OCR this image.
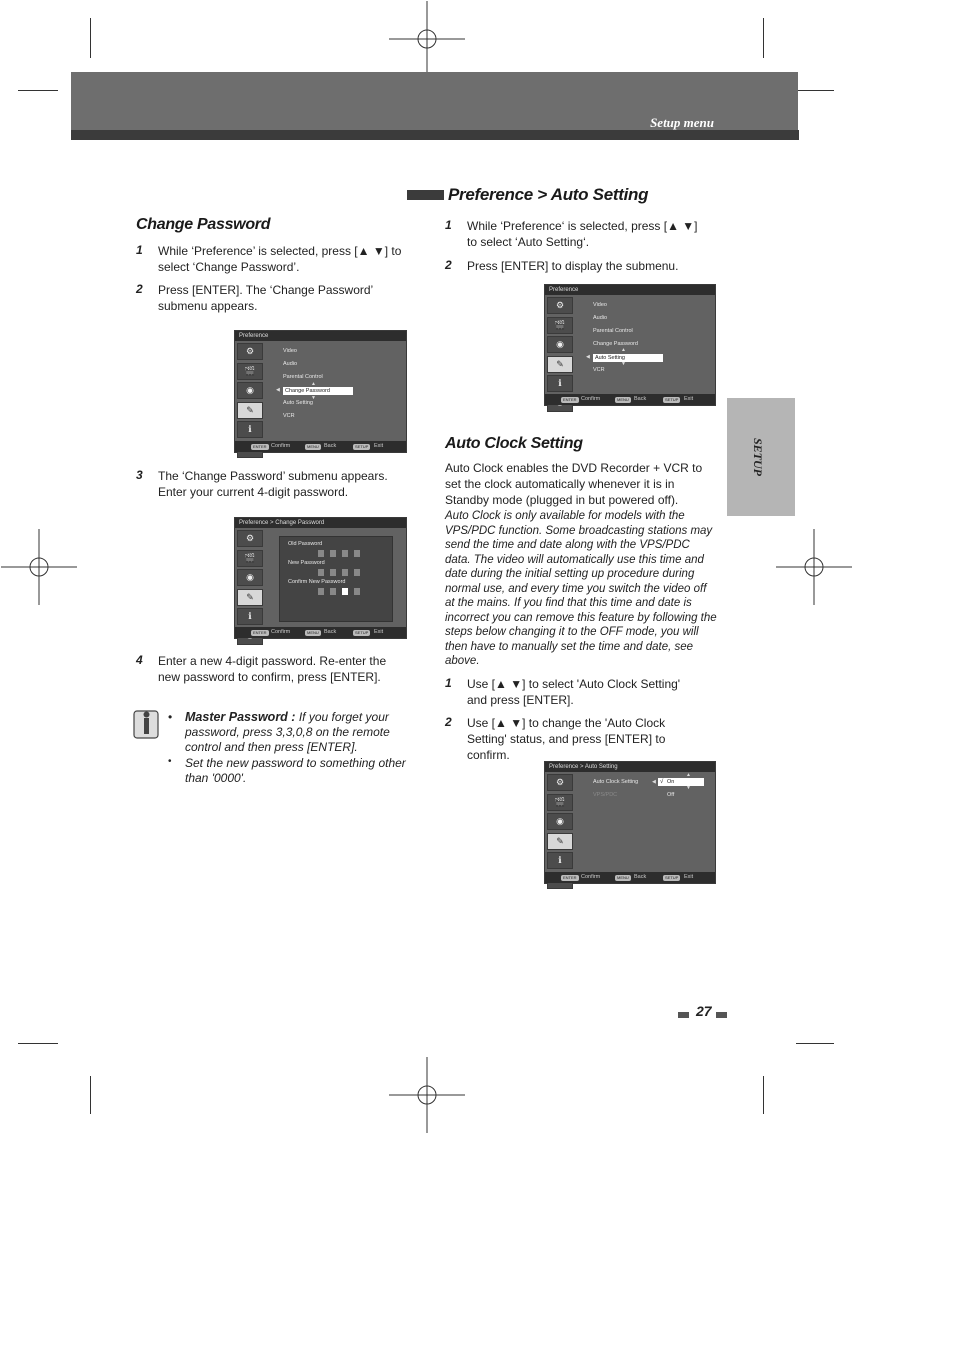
Setup menu
SETUP
Change Password
1 While ‘Preference’ is selected, press [▲ ▼] to select ‘Change Password’.
2 Press [ENTER]. The ‘Change Password’ submenu appears.
Preference
⚙
🎬
◉
✎
ℹ
Video
Audio
Parental Control
Change Password
Auto Setting
VCR
◀
▲
▼
ENTER Confirm	MENU Back	SETUP	Exit
3 The ‘Change Password’ submenu appears. Enter your current 4-digit password.
Preference > Change Password
⚙
🎬
◉
✎
ℹ
Old Password
New Password
Confirm New Password
ENTER Confirm	MENU Back	SETUP	Exit
4 Enter a new 4-digit password. Re-enter the new password to confirm, press [ENTER].
• Master Password : If you forget your password, press 3,3,0,8 on the remote control and then press [ENTER].
• Set the new password to something other than '0000'.
Preference > Auto Setting
1 While ‘Preference‘ is selected, press [▲ ▼] to select ‘Auto Setting‘.
2 Press [ENTER] to display the submenu.
Preference
⚙
🎬
◉
✎
ℹ
Video
Audio
Parental Control
Change Password
Auto Setting
VCR
◀
▲
▼
ENTER Confirm	MENU Back	SETUP	Exit
Auto Clock Setting
Auto Clock enables the DVD Recorder + VCR to set the clock automatically whenever it is in Standby mode (plugged in but powered off).
Auto Clock is only available for models with the VPS/PDC function. Some broadcasting stations may send the time and date along with the VPS/PDC data. The video will automatically use this time and date during the initial setting up procedure during normal use, and every time you switch the video off at the mains. If you find that this time and date is incorrect you can remove this feature by following the steps below changing it to the OFF mode, you will then have to manually set the time and date, see above.
1 Use [▲ ▼] to select 'Auto Clock Setting' and press [ENTER].
2 Use [▲ ▼] to change the 'Auto Clock Setting' status, and press [ENTER] to confirm.
Preference > Auto Setting
⚙
🎬
◉
✎
ℹ
Auto Clock Setting	◀ √ On
▲
▼
VPS/PDC	Off
ENTER Confirm	MENU Back	SETUP	Exit
27
